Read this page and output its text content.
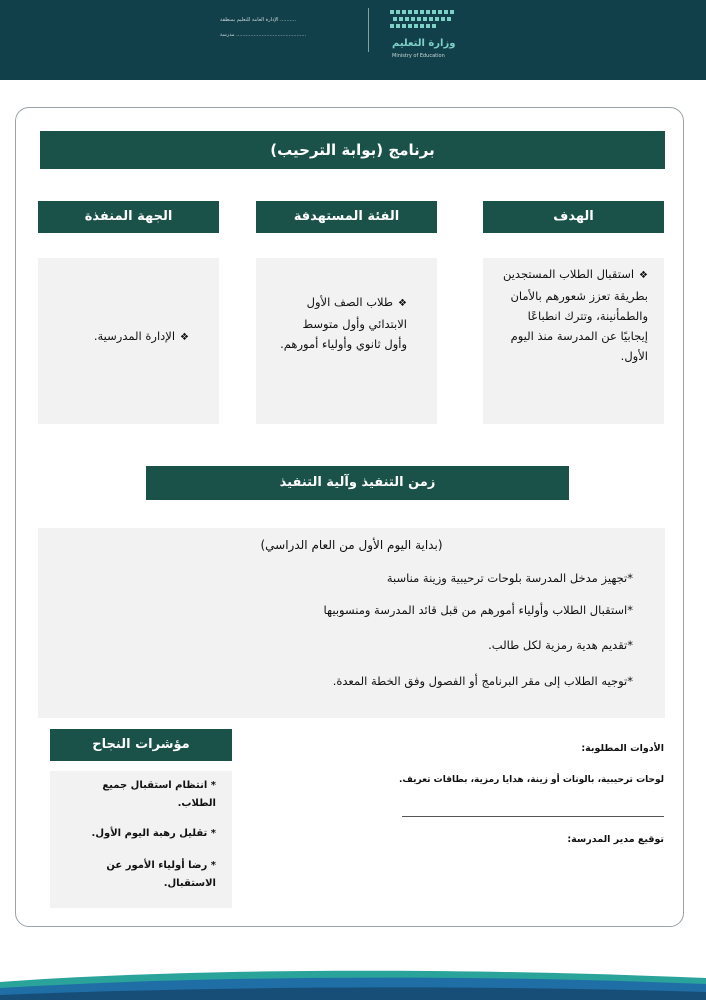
الإدارة العامة للتعليم بمنطقة ..........
مدرسة ............................................
وزارة التعليم
Ministry of Education
برنامج (بوابة الترحيب)
الهدف
الفئة المستهدفة
الجهة المنفذة
❖استقبال الطلاب المستجدين بطريقة تعزز شعورهم بالأمان والطمأنينة، وتترك انطباعًا إيجابيًا عن المدرسة منذ اليوم الأول.
❖طلاب الصف الأول الابتدائي وأول متوسط وأول ثانوي وأولياء أمورهم.
❖الإدارة المدرسية.
زمن التنفيذ وآلية التنفيذ
(بداية اليوم الأول من العام الدراسي)
*تجهيز مدخل المدرسة بلوحات ترحيبية وزينة مناسبة
*استقبال الطلاب وأولياء أمورهم من قبل قائد المدرسة ومنسوبيها
*تقديم هدية رمزية لكل طالب.
*توجيه الطلاب إلى مقر البرنامج أو الفصول وفق الخطة المعدة.
مؤشرات النجاح
* انتظام استقبال جميع الطلاب.
* تقليل رهبة اليوم الأول.
* رضا أولياء الأمور عن الاستقبال.
الأدوات المطلوبة:
لوحات ترحيبية، بالونات أو زينة، هدايا رمزية، بطاقات تعريف.
توقيع مدير المدرسة:
